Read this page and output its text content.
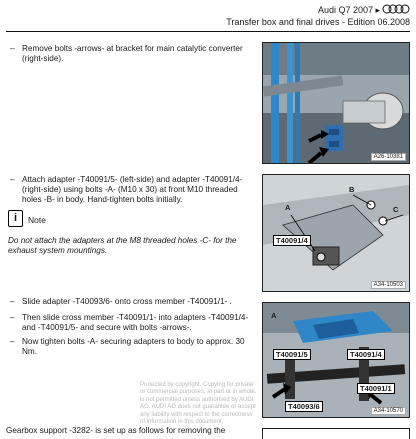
Audi Q7 2007 ▸
Transfer box and final drives - Edition 06.2008
– Remove bolts -arrows- at bracket for main catalytic converter (right-side).
A26-10381
– Attach adapter -T40091/5- (left-side) and adapter -T40091/4- (right-side) using bolts -A- (M10 x 30) at front M10 threaded holes -B- in body. Hand-tighten bolts initially.
i	Note
Do not attach the adapters at the M8 threaded holes -C- for the exhaust system mountings.
A
B
C
T40091/4
A34-10503
– Slide adapter -T40093/6- onto cross member -T40091/1- .
– Then slide cross member -T40091/1- into adapters -T40091/4- and -T40091/5- and secure with bolts -arrows-.
– Now tighten bolts -A- securing adapters to body to approx. 30 Nm.
Protected by copyright. Copying for private or commercial purposes, in part or in whole, is not permitted unless authorised by AUDI AG. AUDI AG does not guarantee or accept any liability with respect to the correctness of information in this document.
A
T40091/5	T40091/4
T40093/6
T40091/1
A34-10570
Gearbox support -3282- is set up as follows for removing the
